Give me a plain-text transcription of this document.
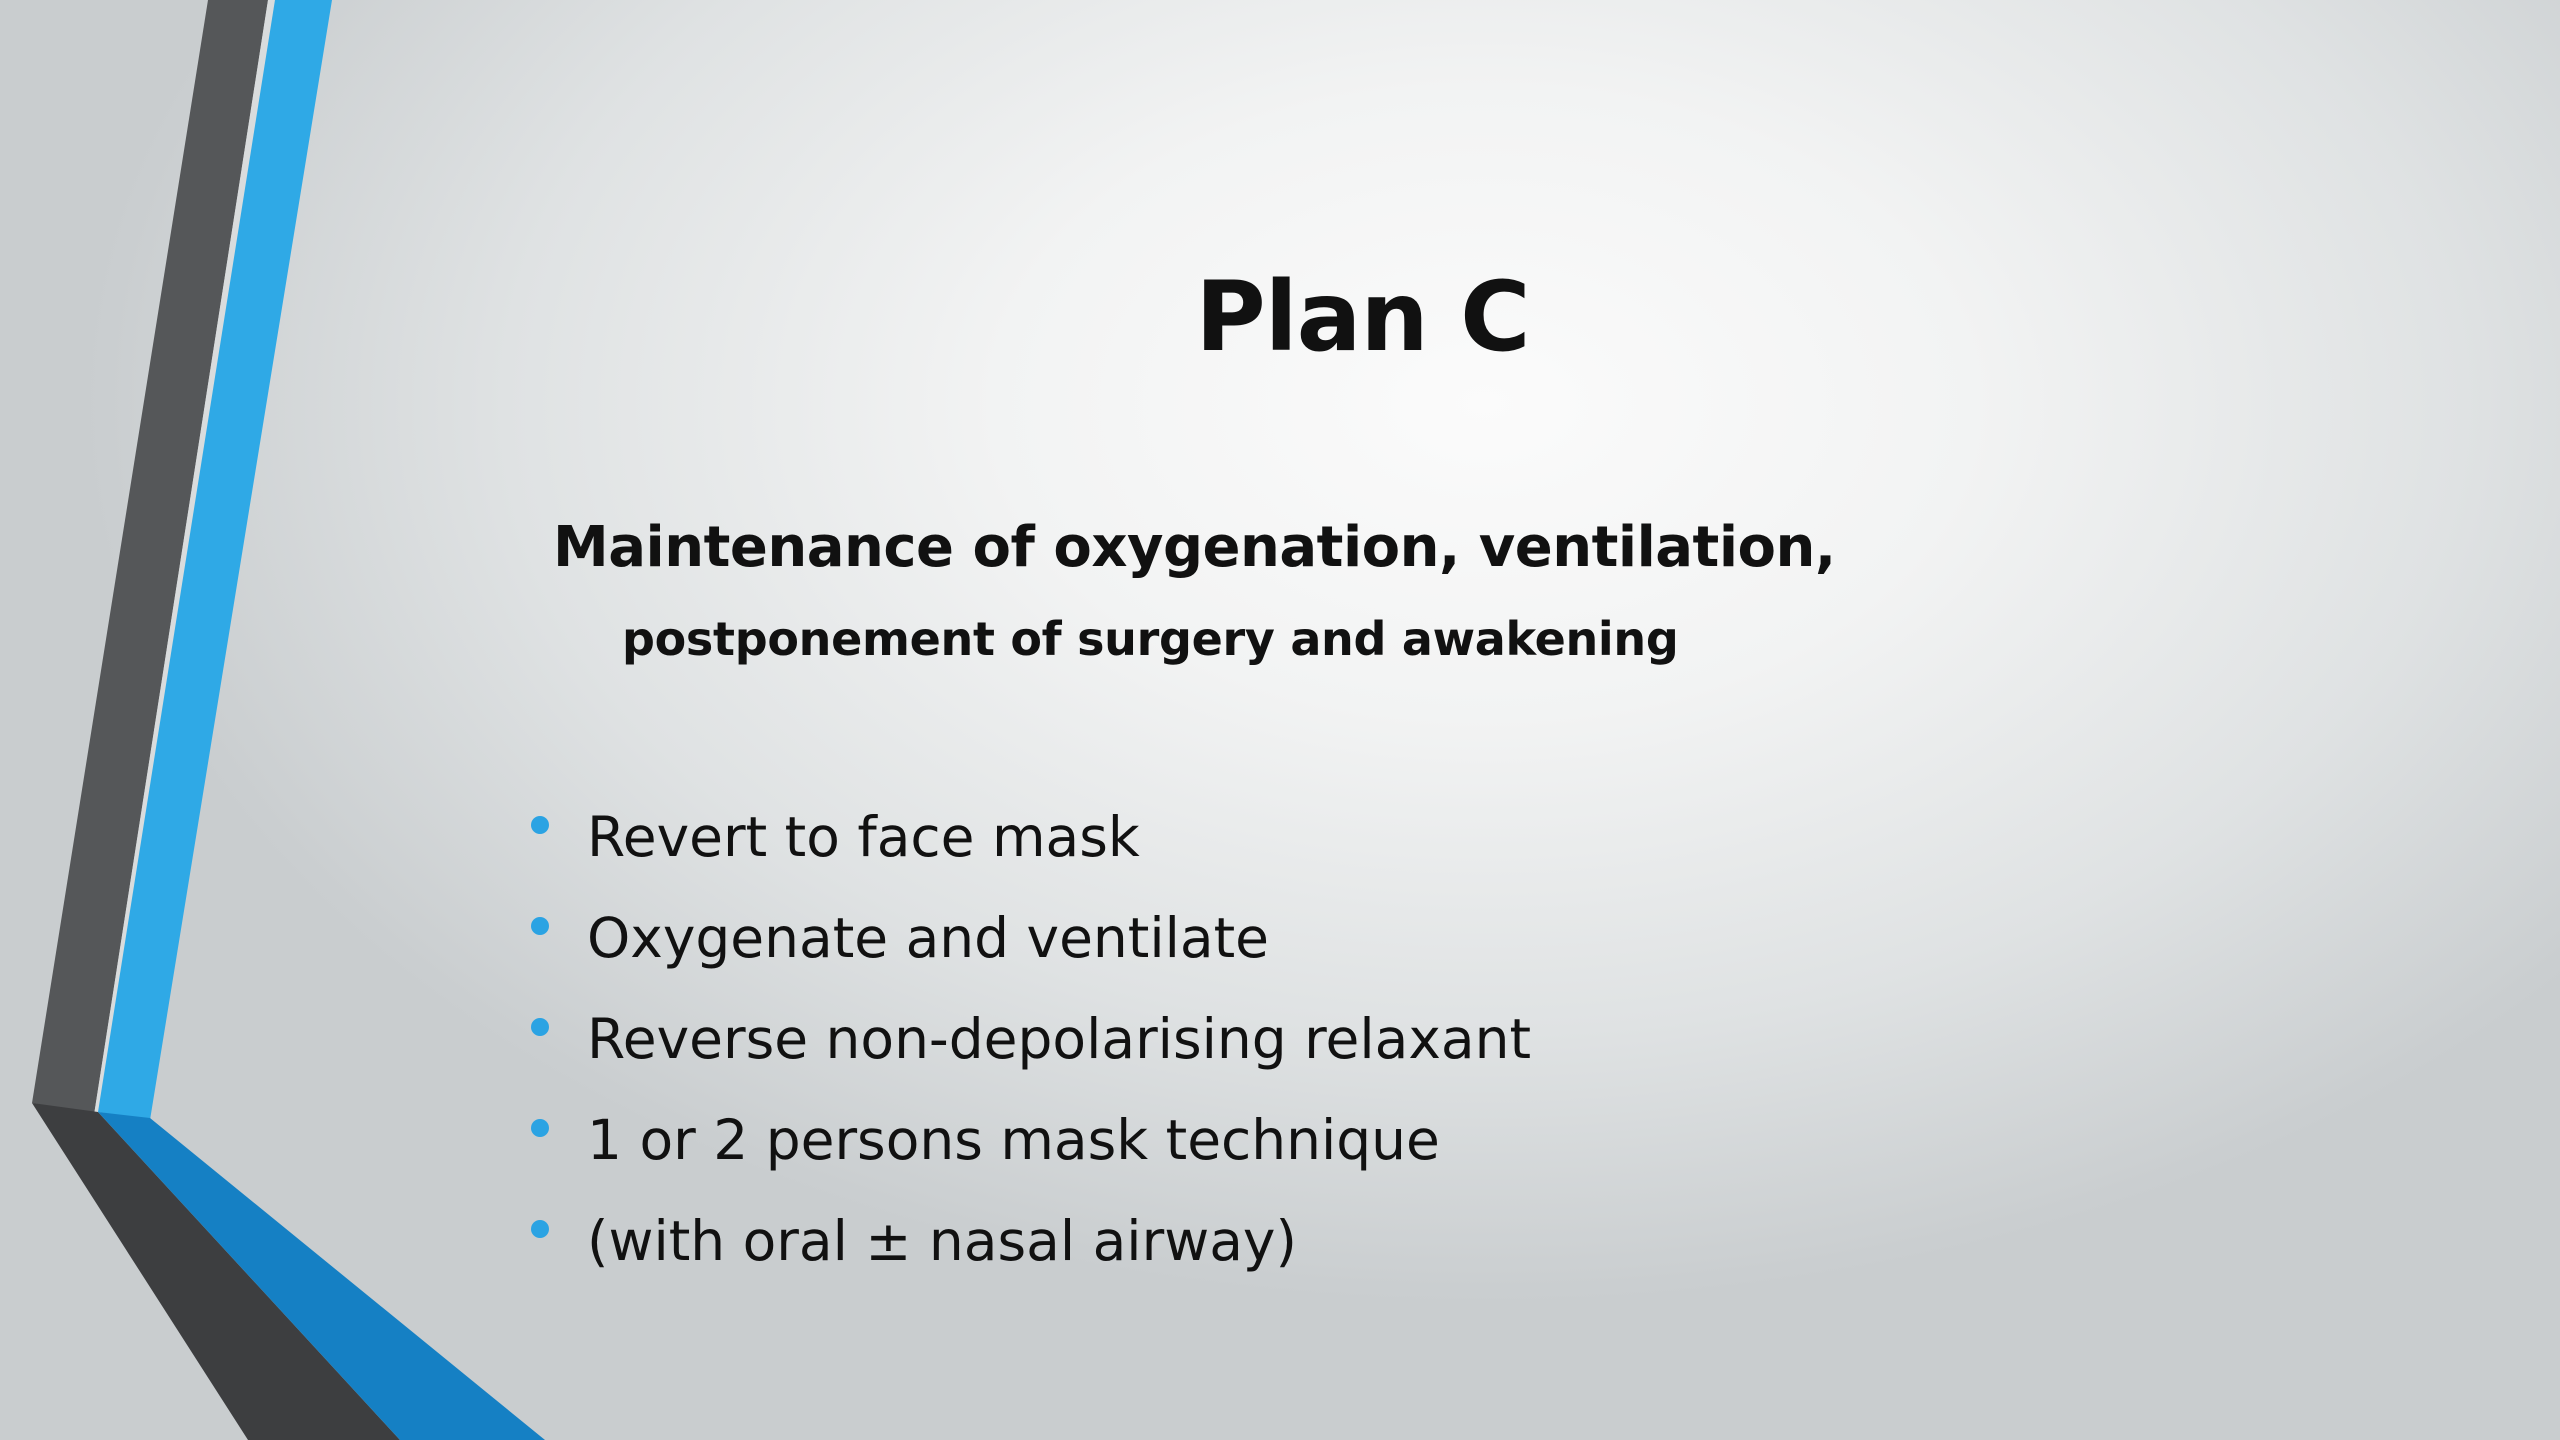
Plan C
Maintenance of oxygenation, ventilation,
postponement of surgery and awakening
Revert to face mask
Oxygenate and ventilate
Reverse non-depolarising relaxant
1 or 2 persons mask technique
(with oral ± nasal airway)
